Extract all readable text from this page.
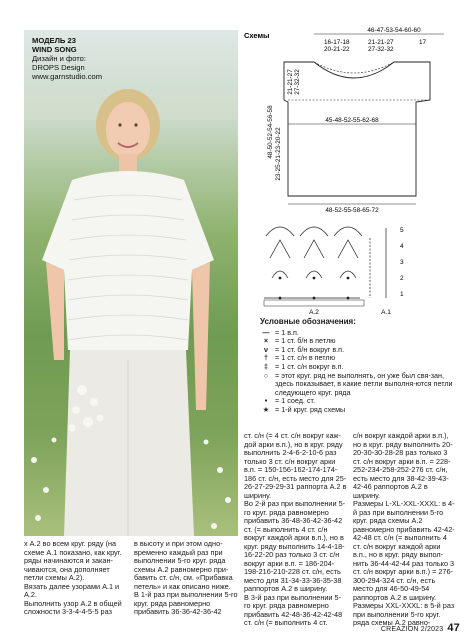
МОДЕЛЬ 23
WIND SONG
Дизайн и фото:
DROPS Design
www.garnstudio.com
Схемы
46-47-53-54-60-60
16-17-18 20-21-22
21-21-27 27-32-32
17
48-50-52-54-56-58 23-25-21-23-20-22
21-21-27 27-32-32
45-48-52-55-62-68
48-52-55-58-65-72
A.2	A.1
5
4
3
2
1
Условные обозначения:
— = 1 в.п.
× = 1 ст. б/н в петлю
ν = 1 ст. б/н вокруг в.п.
† = 1 ст. с/н в петлю
‡ = 1 ст. с/н вокруг в.п.
○ = этот круг. ряд не выполнять, он уже был свя-зан, здесь показывает, в какие петли выполня-ются петли следующего круг. ряда
•	= 1 соед. ст.
★ = 1-й круг. ряд схемы
ст. с/н (= 4 ст. с/н вокруг каж-дой арки в.п.), но в круг. ряду выполнить 2-4-6-2-10-6 раз только 3 ст. с/н вокруг арки в.п. = 150-156-162-174-174-186 ст. с/н, есть место для 25-26-27-29-29-31 раппорта А.2 в ширину.
Во 2-й раз при выполнении 5-го круг. ряда равномерно прибавить 36-48-36-42-36-42 ст. (= выполнить 4 ст. с/н вокруг каждой арки в.п.), но в круг. ряду выполнить 14-4-18-16-22-20 раз только 3 ст. с/н вокруг арки в.п. = 186-204-198-216-210-228 ст. с/н, есть место для 31-34-33-36-35-38 раппортов А.2 в ширину.
В 3-й раз при выполнении 5-го круг. ряда равномерно прибавить 42-48-36-42-42-48 ст. с/н (= выполнить 4 ст.
с/н вокруг каждой арки в.п.), но в круг. ряду выполнить 20-20-30-30-28-28 раз только 3 ст. с/н вокруг арки в.п. = 228-252-234-258-252-276 ст. с/н, есть место для 38-42-39-43-42-46 раппортов А.2 в ширину.
Размеры L-XL-XXL-XXXL: в 4-й раз при выполнении 5-го круг. ряда схемы А.2 равномерно прибавить 42-42-42-48 ст. с/н (= выполнить 4 ст. с/н вокруг каждой арки в.п., но в круг. ряду выпол-нить 36-44-42-44 раз только 3 ст. с/н вокруг арки в.п.) = 276-300-294-324 ст. с/н, есть место для 46-50-49-54 раппортов А.2 в ширину.
Размеры XXL-XXXL: в 5-й раз при выполнении 5-го круг. ряда схемы А.2 равно-
х А.2 во всем круг. ряду (на схеме А.1 показано, как круг. ряды начинаются и закан-чиваются, она дополняет петли схемы А.2).
Вязать далее узорами А.1 и А.2.
Выполнить узор А.2 в общей сложности 3-3-4-4-5-5 раз
в высоту и при этом одно-временно каждый раз при выполнении 5-го круг. ряда схемы А.2 равномерно при-бавить ст. с/н, см. «Прибавка петель» и как описано ниже.
В 1-й раз при выполнении 5-го круг. ряда равномерно прибавить 36-36-42-36-42
CREAZION 2/2023 47
